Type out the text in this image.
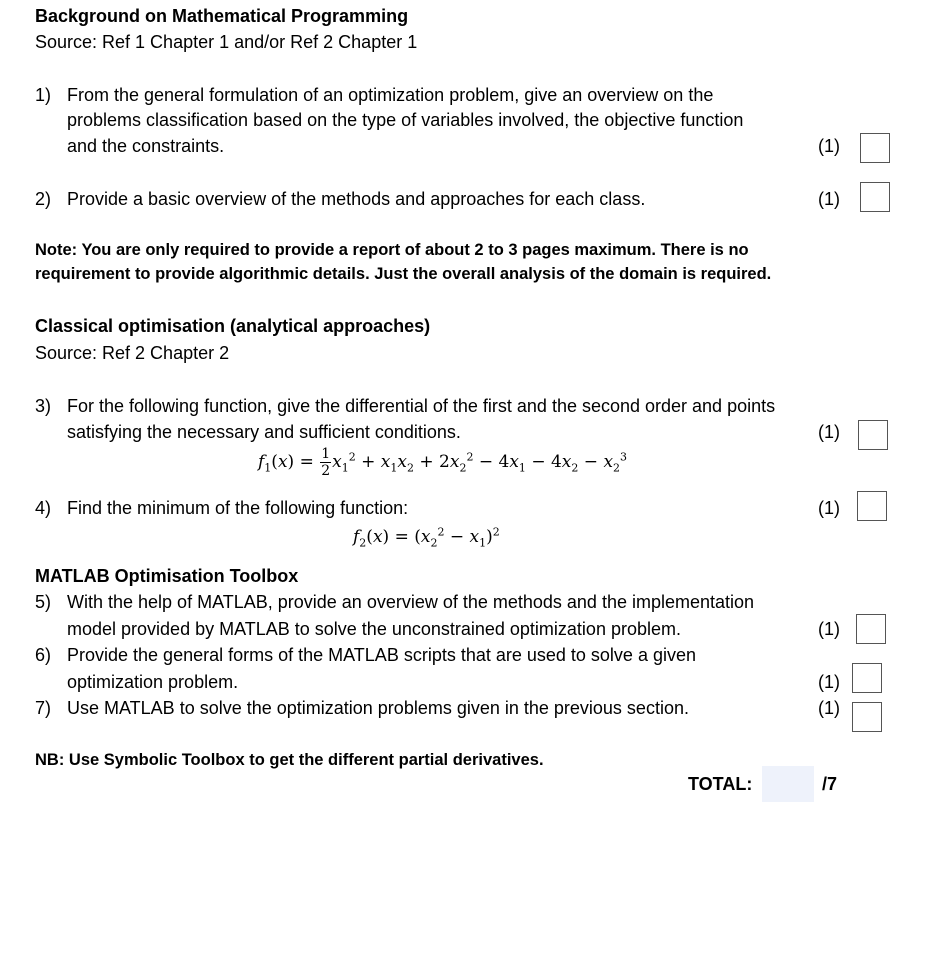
Background on Mathematical Programming
Source: Ref 1 Chapter 1 and/or Ref 2 Chapter 1
1) From the general formulation of an optimization problem, give an overview on the
problems classification based on the type of variables involved, the objective function
and the constraints.	(1)
2) Provide a basic overview of the methods and approaches for each class.	(1)
Note: You are only required to provide a report of about 2 to 3 pages maximum. There is no
requirement to provide algorithmic details. Just the overall analysis of the domain is required.
Classical optimisation (analytical approaches)
Source: Ref 2 Chapter 2
3) For the following function, give the differential of the first and the second order and points
satisfying the necessary and sufficient conditions.	(1)
$f_1(x) = \frac{1}{2} x_1^2 + x_1x_2 + 2x_2^2 - 4x_1 - 4x_2 - x_2^3$
4) Find the minimum of the following function:	(1)
$f_2(x) = (x_2^2 - x_1)^2$
MATLAB Optimisation Toolbox
5) With the help of MATLAB, provide an overview of the methods and the implementation
model provided by MATLAB to solve the unconstrained optimization problem.	(1)
6) Provide the general forms of the MATLAB scripts that are used to solve a given
optimization problem.	(1)
7) Use MATLAB to solve the optimization problems given in the previous section.	(1)
NB: Use Symbolic Toolbox to get the different partial derivatives.
TOTAL:	/7
